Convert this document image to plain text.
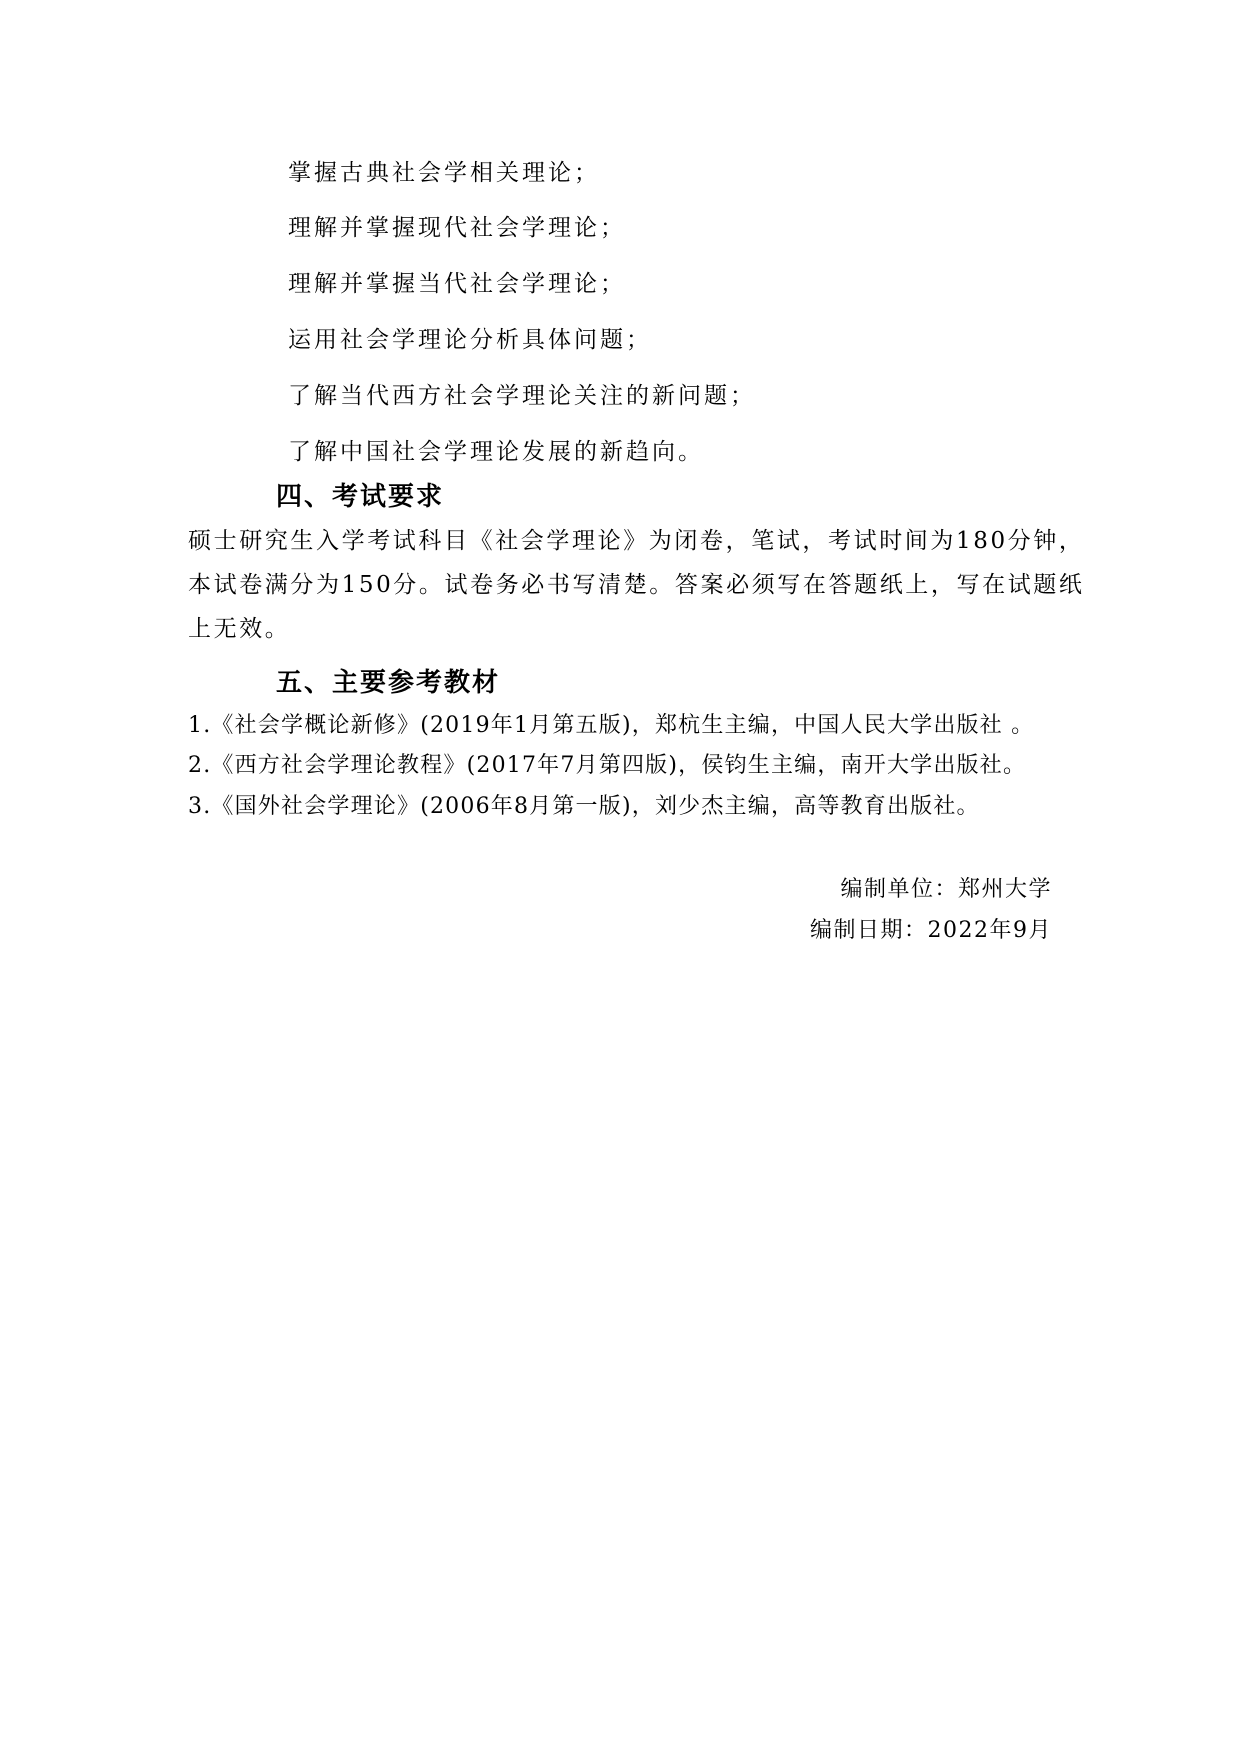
掌握古典社会学相关理论；
理解并掌握现代社会学理论；
理解并掌握当代社会学理论；
运用社会学理论分析具体问题；
了解当代西方社会学理论关注的新问题；
了解中国社会学理论发展的新趋向。
四、考试要求
硕士研究生入学考试科目《社会学理论》为闭卷，笔试，考试时间为180分钟，
本试卷满分为150分。试卷务必书写清楚。答案必须写在答题纸上，写在试题纸
上无效。
五、主要参考教材
1.《社会学概论新修》(2019年1月第五版)，郑杭生主编，中国人民大学出版社 。
2.《西方社会学理论教程》(2017年7月第四版)，侯钧生主编，南开大学出版社。
3.《国外社会学理论》(2006年8月第一版)，刘少杰主编，高等教育出版社。
编制单位：郑州大学
编制日期：2022年9月
